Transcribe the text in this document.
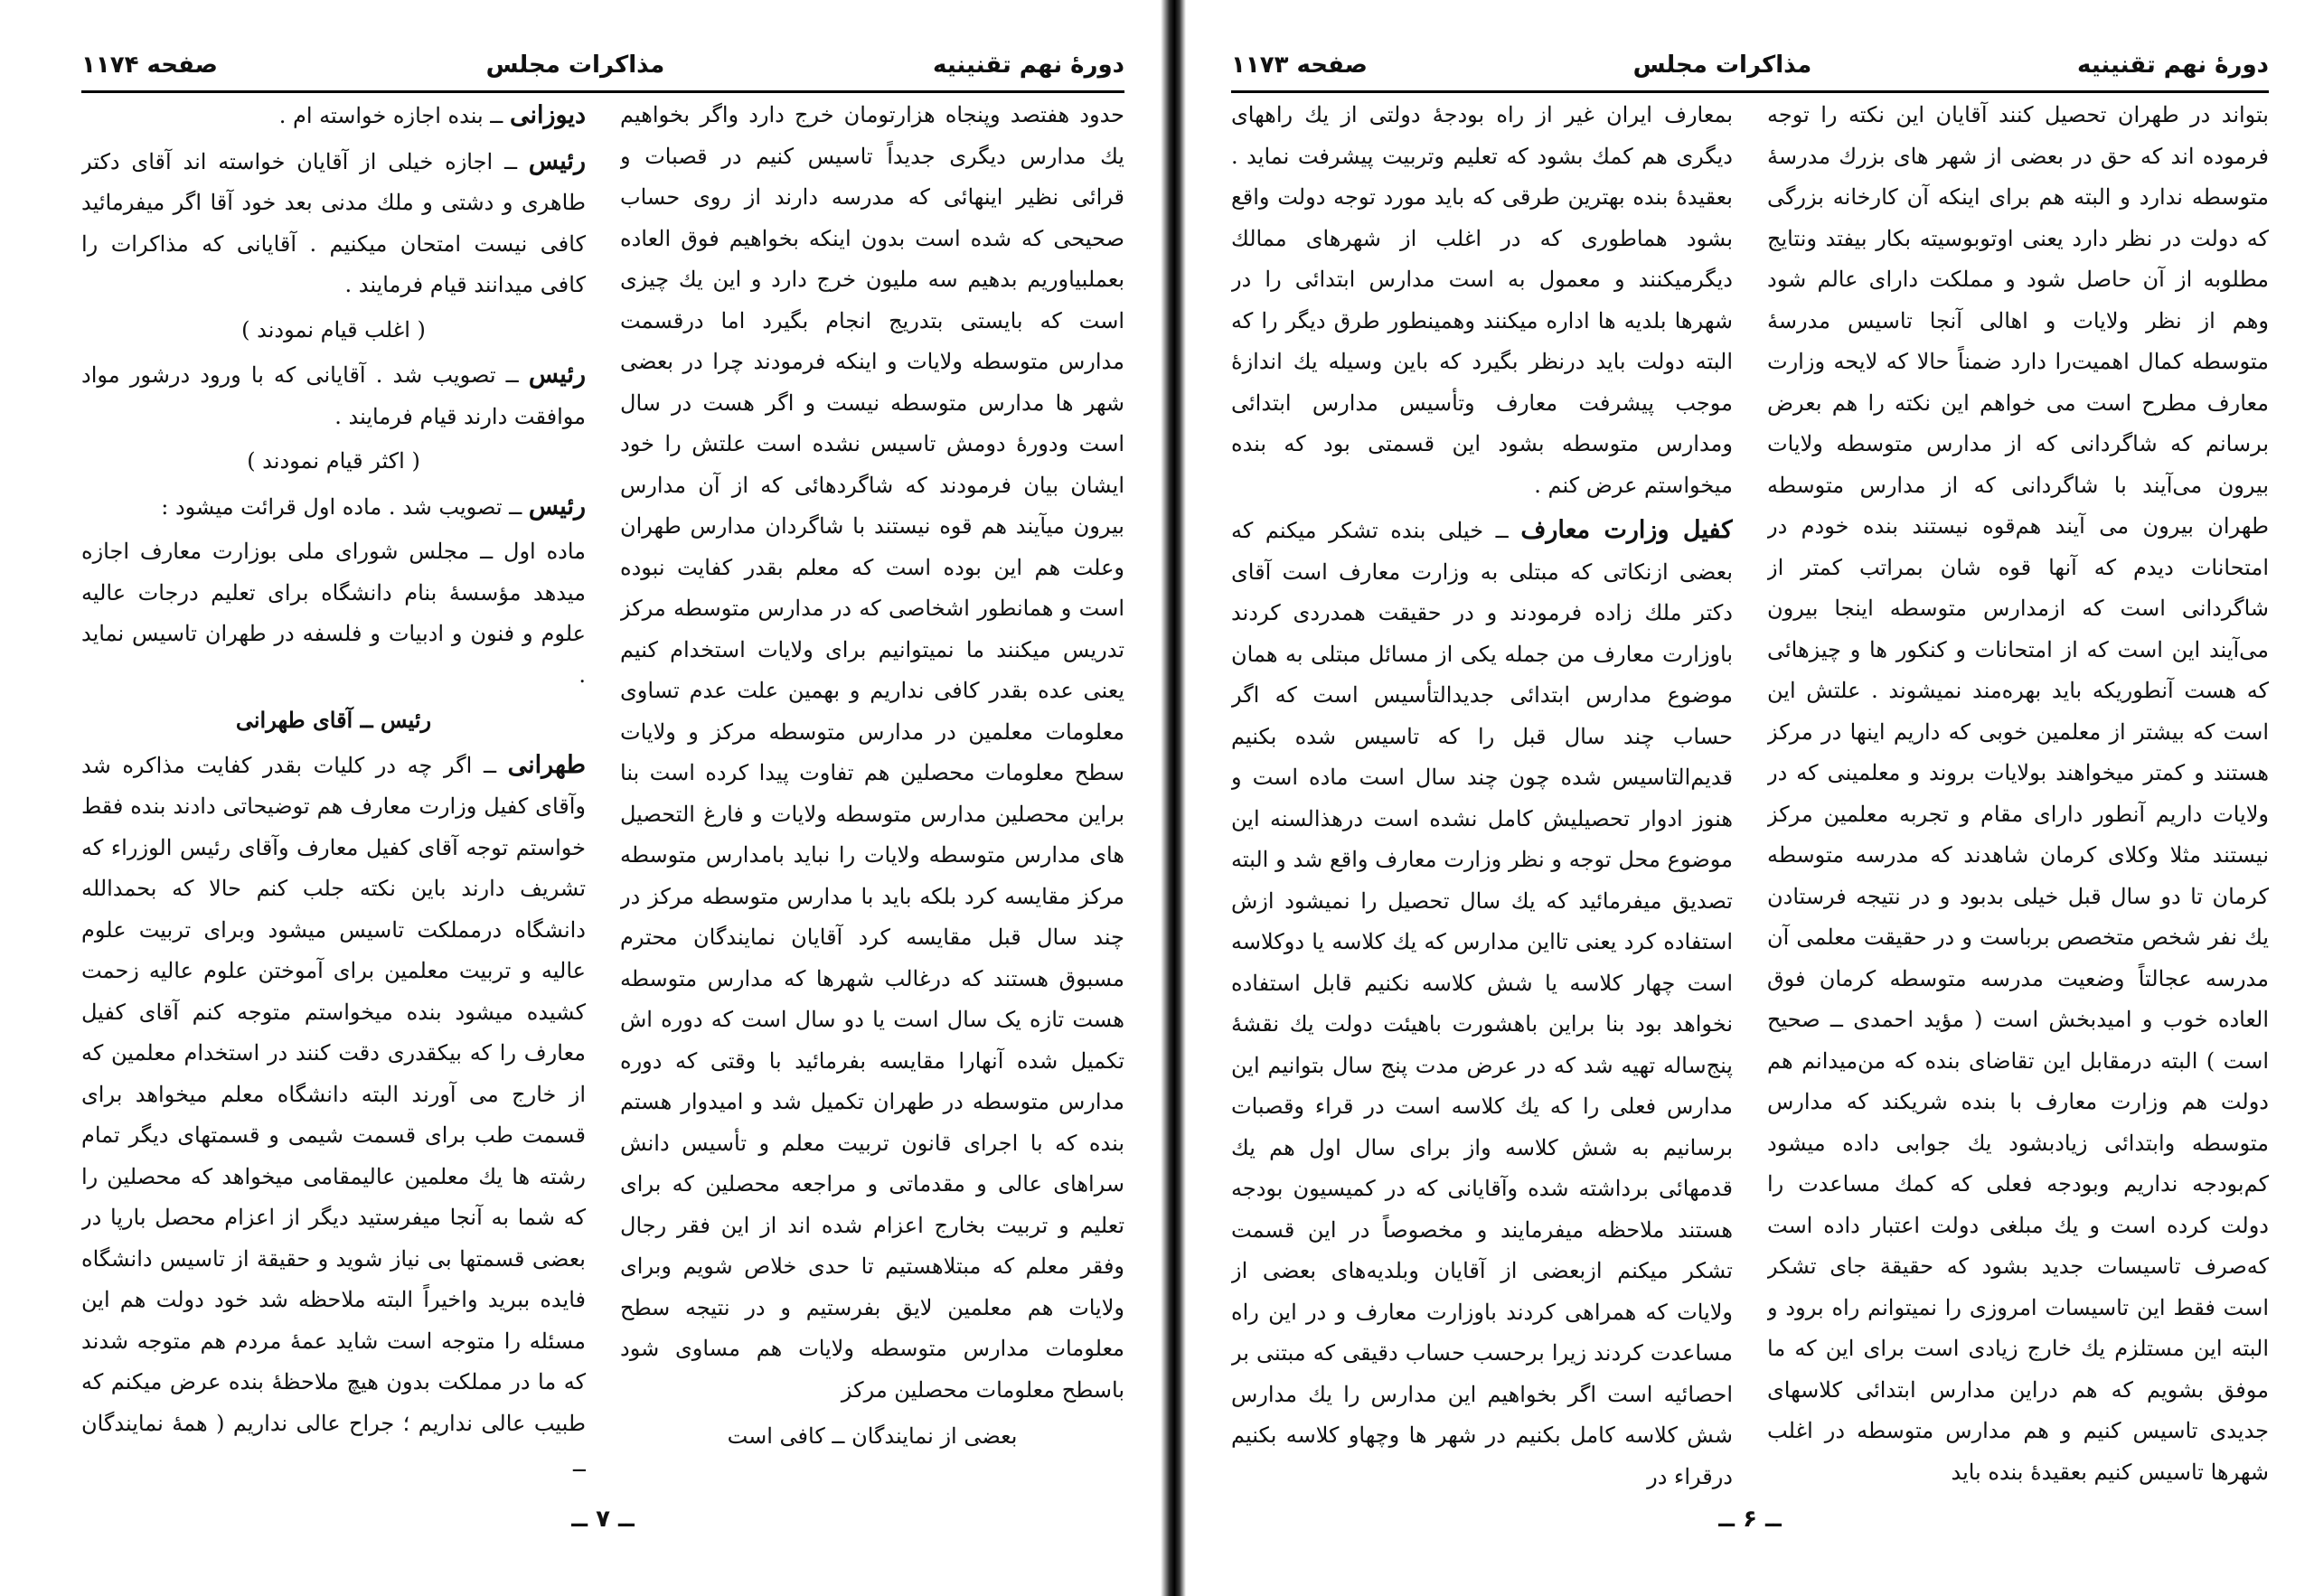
صفحه ۱۱۷۴	مذاکرات مجلس	دورهٔ نهم تقنینیه

دیوزانی ــ بنده اجازه خواسته ام .

رئیس ــ اجازه خیلی از آقایان خواسته اند آقای دکتر طاهری و دشتی و ملك مدنی بعد خود آقا اگر میفرمائید کافی نیست امتحان میکنیم . آقایانی که مذاکرات را کافی میدانند قیام فرمایند .

( اغلب قیام نمودند )

رئیس ــ تصویب شد . آقایانی که با ورود درشور مواد موافقت دارند قیام فرمایند .

( اکثر قیام نمودند )

رئیس ــ تصویب شد . ماده اول قرائت میشود :

ماده اول ــ مجلس شورای ملی بوزارت معارف اجازه میدهد مؤسسهٔ بنام دانشگاه برای تعلیم درجات عالیه علوم و فنون و ادبیات و فلسفه در طهران تاسیس نماید .

رئیس ــ آقای طهرانی

طهرانی ــ اگر چه در کلیات بقدر کفایت مذاکره شد وآقای کفیل وزارت معارف هم توضیحاتی دادند بنده فقط خواستم توجه آقای کفیل معارف وآقای رئیس الوزراء که تشریف دارند باین نکته جلب کنم حالا که بحمدالله دانشگاه درمملکت تاسیس میشود وبرای تربیت علوم عالیه و تربیت معلمین برای آموختن علوم عالیه زحمت کشیده میشود بنده میخواستم متوجه کنم آقای کفیل معارف را که بیکقدری دقت کنند در استخدام معلمین که از خارج می آورند البته دانشگاه معلم میخواهد برای قسمت طب برای قسمت شیمی و قسمتهای دیگر تمام رشته ها یك معلمین عالیمقامی میخواهد که محصلین را که شما به آنجا میفرستید دیگر از اعزام محصل بارپا در بعضی قسمتها بی نیاز شوید و حقیقة از تاسیس دانشگاه فایده ببرید واخیراً البته ملاحظه شد خود دولت هم این مسئله را متوجه است شاید عمهٔ مردم هم متوجه شدند که ما در مملکت بدون هیچ ملاحظهٔ بنده عرض میکنم که طبیب عالی نداریم ؛ جراح عالی نداریم ( همهٔ نمایندگان ــ

حدود هفتصد وپنجاه هزارتومان خرج دارد واگر بخواهیم یك مدارس دیگری جدیداً تاسیس کنیم در قصبات و قرائی نظیر اینهائی که مدرسه دارند از روی حساب صحیحی که شده است بدون اینکه بخواهیم فوق العاده بعملبیاوریم بدهیم سه ملیون خرج دارد و این یك چیزی است که بایستی بتدریج انجام بگیرد اما درقسمت مدارس متوسطه ولایات و اینکه فرمودند چرا در بعضی شهر ها مدارس متوسطه نیست و اگر هست در سال است ودورهٔ دومش تاسیس نشده است علتش را خود ایشان بیان فرمودند که شاگردهائی که از آن مدارس بیرون میآیند هم قوه نیستند با شاگردان مدارس طهران وعلت هم این بوده است که معلم بقدر کفایت نبوده است و همانطور اشخاصی که در مدارس متوسطه مرکز تدریس میکنند ما نمیتوانیم برای ولایات استخدام کنیم یعنی عده بقدر کافی نداریم و بهمین علت عدم تساوی معلومات معلمین در مدارس متوسطه مرکز و ولایات سطح معلومات محصلین هم تفاوت پیدا کرده است بنا براین محصلین مدارس متوسطه ولایات و فارغ التحصیل های مدارس متوسطه ولایات را نباید بامدارس متوسطه مرکز مقایسه کرد بلکه باید با مدارس متوسطه مرکز در چند سال قبل مقایسه کرد آقایان نمایندگان محترم مسبوق هستند که درغالب شهرها که مدارس متوسطه هست تازه یک سال است یا دو سال است که دوره اش تکمیل شده آنهارا مقایسه بفرمائید با وقتی که دوره مدارس متوسطه در طهران تکمیل شد و امیدوار هستم بنده که با اجرای قانون تربیت معلم و تأسیس دانش سراهای عالی و مقدماتی و مراجعه محصلین که برای تعلیم و تربیت بخارج اعزام شده اند از این فقر رجال وفقر معلم که مبتلاهستیم تا حدی خلاص شویم وبرای ولایات هم معلمین لایق بفرستیم و در نتیجه سطح معلومات مدارس متوسطه ولایات هم مساوی شود باسطح معلومات محصلین مرکز

بعضی از نمایندگان ــ کافی است

ــ ۷ ــ
صفحه ۱۱۷۳	مذاکرات مجلس	دورهٔ نهم تقنینیه

بمعارف ایران غیر از راه بودجهٔ دولتی از یك راههای دیگری هم کمك بشود که تعلیم وتربیت پیشرفت نماید . بعقیدهٔ بنده بهترین طرقی که باید مورد توجه دولت واقع بشود هماطوری که در اغلب از شهرهای ممالك دیگرمیکنند و معمول به است مدارس ابتدائی را در شهرها بلدیه ها اداره میکنند وهمینطور طرق دیگر را که البته دولت باید درنظر بگیرد که باین وسیله یك اندازهٔ موجب پیشرفت معارف وتأسیس مدارس ابتدائی ومدارس متوسطه بشود این قسمتی بود که بنده میخواستم عرض کنم .

کفیل وزارت معارف ــ خیلی بنده تشکر میکنم که بعضی ازنکاتی که مبتلی به وزارت معارف است آقای دکتر ملك زاده فرمودند و در حقیقت همدردی کردند باوزارت معارف من جمله یکی از مسائل مبتلی به همان موضوع مدارس ابتدائی جدیدالتأسیس است که اگر حساب چند سال قبل را که تاسیس شده بکنیم قدیم‌التاسیس شده چون چند سال است ماده است و هنوز ادوار تحصیلیش کامل نشده است درهذالسنه این موضوع محل توجه و نظر وزارت معارف واقع شد و البته تصدیق میفرمائید که یك سال تحصیل را نمیشود ازش استفاده کرد یعنی تااین مدارس که یك کلاسه یا دوکلاسه است چهار کلاسه یا شش کلاسه نکنیم قابل استفاده نخواهد بود بنا براین باهشورت باهیئت دولت یك نقشهٔ پنج‌ساله تهیه شد که در عرض مدت پنج سال بتوانیم این مدارس فعلی را که یك کلاسه است در قراء وقصبات برسانیم به شش کلاسه واز برای سال اول هم یك قدمهائی برداشته شده وآقایانی که در کمیسیون بودجه هستند ملاحظه میفرمایند و مخصوصاً در این قسمت تشکر میکنم ازبعضی از آقایان وبلدیه‌های بعضی از ولایات که همراهی کردند باوزارت معارف و در این راه مساعدت کردند زیرا برحسب حساب دقیقی که مبتنی بر احصائیه است اگر بخواهیم این مدارس را یك مدارس شش کلاسه کامل بکنیم در شهر ها وچهاو کلاسه بکنیم درقراء در

بتواند در طهران تحصیل کنند آقایان این نکته را توجه فرموده اند که حق در بعضی از شهر های بزرك مدرسهٔ متوسطه ندارد و البته هم برای اینکه آن کارخانه بزرگی که دولت در نظر دارد یعنی اوتوبوسیته بکار بیفتد ونتایج مطلوبه از آن حاصل شود و مملکت دارای عالم شود وهم از نظر ولایات و اهالی آنجا تاسیس مدرسهٔ متوسطه کمال اهمیت‌را دارد ضمناً حالا که لایحه وزارت معارف مطرح است می خواهم این نکته را هم بعرض برسانم که شاگردانی که از مدارس متوسطه ولایات بیرون می‌آیند با شاگردانی که از مدارس متوسطه طهران بیرون می آیند هم‌قوه نیستند بنده خودم در امتحانات دیدم که آنها قوه شان بمراتب کمتر از شاگردانی است که ازمدارس متوسطه اینجا بیرون می‌آیند این است که از امتحانات و کنکور ها و چیزهائی که هست آنطوریکه باید بهره‌مند نمیشوند . علتش این است که بیشتر از معلمین خوبی که داریم اینها در مرکز هستند و کمتر میخواهند بولایات بروند و معلمینی که در ولایات داریم آنطور دارای مقام و تجربه معلمین مرکز نیستند مثلا وکلای کرمان شاهدند که مدرسه متوسطه کرمان تا دو سال قبل خیلی بدبود و در نتیجه فرستادن یك نفر شخص متخصص برباست و در حقیقت معلمی آن مدرسه عجالتاً وضعیت مدرسه متوسطه کرمان فوق العاده خوب و امیدبخش است ( مؤید احمدی ــ صحیح است ) البته درمقابل این تقاضای بنده که من‌میدانم هم دولت هم وزارت معارف با بنده شریکند که مدارس متوسطه وابتدائی زیادبشود یك جوابی داده میشود کم‌بودجه نداریم وبودجه فعلی که کمك مساعدت را دولت کرده است و یك مبلغی دولت اعتبار داده است که‌صرف تاسیسات جدید بشود که حقیقة جای تشکر است فقط این تاسیسات امروزی را نمیتوانم راه برود و البته این مستلزم یك خارج زیادی است برای این که ما موفق بشویم که هم دراین مدارس ابتدائی کلاسهای جدیدی تاسیس کنیم و هم مدارس متوسطه در اغلب شهرها تاسیس کنیم بعقیدهٔ بنده باید

ــ ۶ ــ
